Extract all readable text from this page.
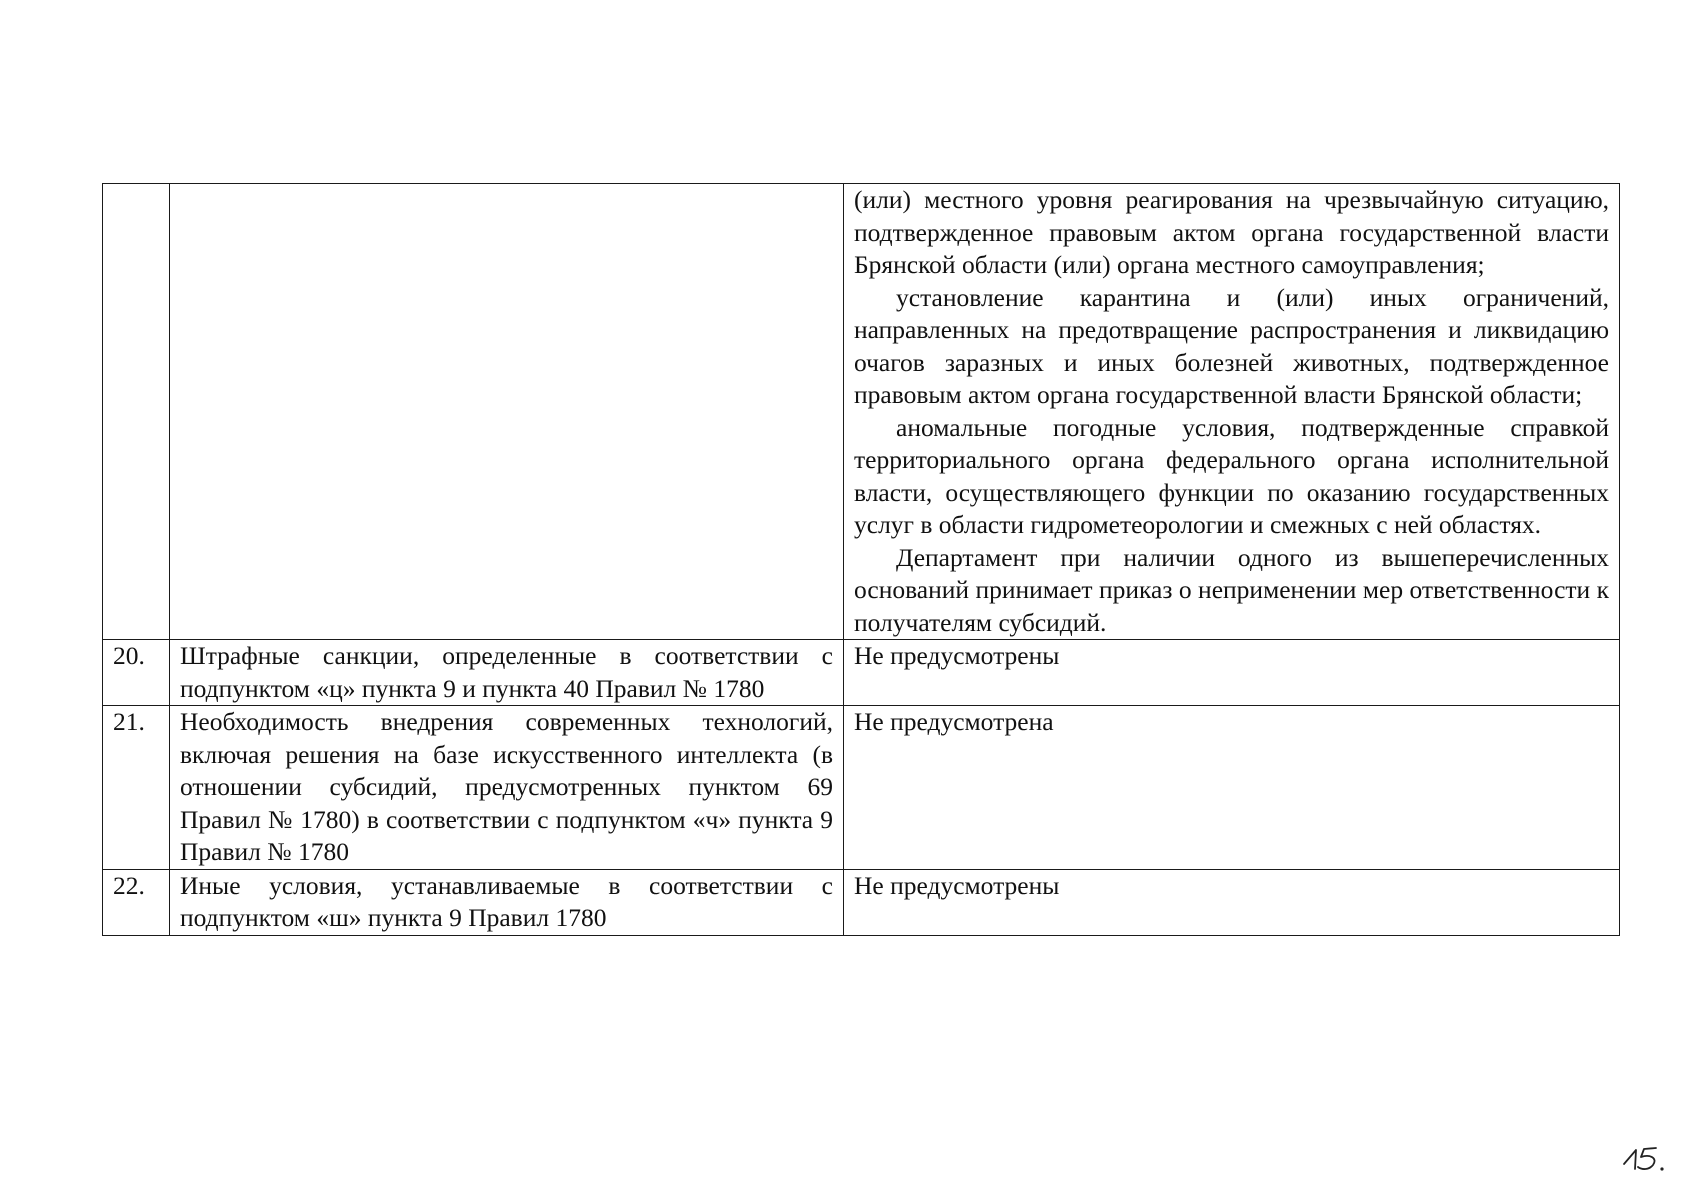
		(или) местного уровня реагирования на чрезвычайную ситуацию, подтвержденное правовым актом органа государственной власти Брянской области (или) органа местного самоуправления;

установление карантина и (или) иных ограничений, направленных на предотвращение распространения и ликвидацию очагов заразных и иных болезней животных, подтвержденное правовым актом органа государственной власти Брянской области;

аномальные погодные условия, подтвержденные справкой территориального органа федерального органа исполнительной власти, осуществляющего функции по оказанию государственных услуг в области гидрометеорологии и смежных с ней областях.

Департамент при наличии одного из вышеперечисленных оснований принимает приказ о неприменении мер ответственности к получателям субсидий.

20.	Штрафные санкции, определенные в соответствии с подпунктом «ц» пункта 9 и пункта 40 Правил № 1780	Не предусмотрены
21.	Необходимость внедрения современных технологий, включая решения на базе искусственного интеллекта (в отношении субсидий, предусмотренных пунктом 69 Правил № 1780) в соответствии с подпунктом «ч» пункта 9 Правил № 1780	Не предусмотрена
22.	Иные условия, устанавливаемые в соответствии с подпунктом «ш» пункта 9 Правил 1780	Не предусмотрены
